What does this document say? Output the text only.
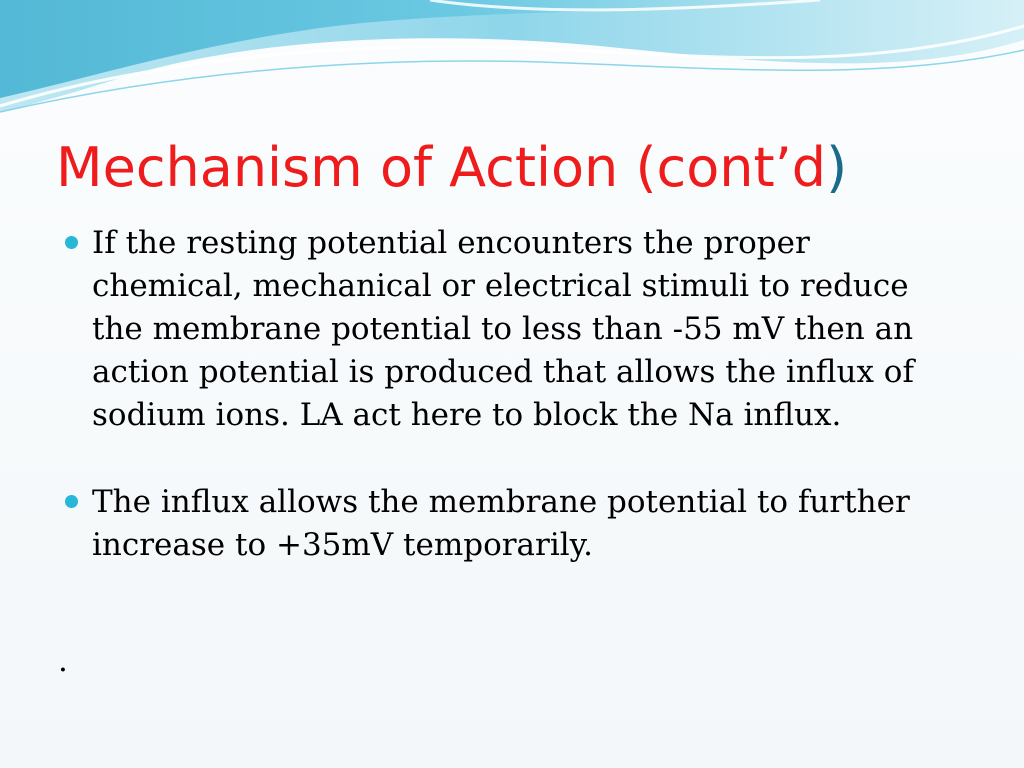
Mechanism of Action (cont’d)
If the resting potential encounters the proper chemical, mechanical or electrical stimuli to reduce the membrane potential to less than -55 mV then an action potential is produced that allows the influx of sodium ions. LA act here to block the Na influx.
The influx allows the membrane potential to further increase to +35mV temporarily.
.
